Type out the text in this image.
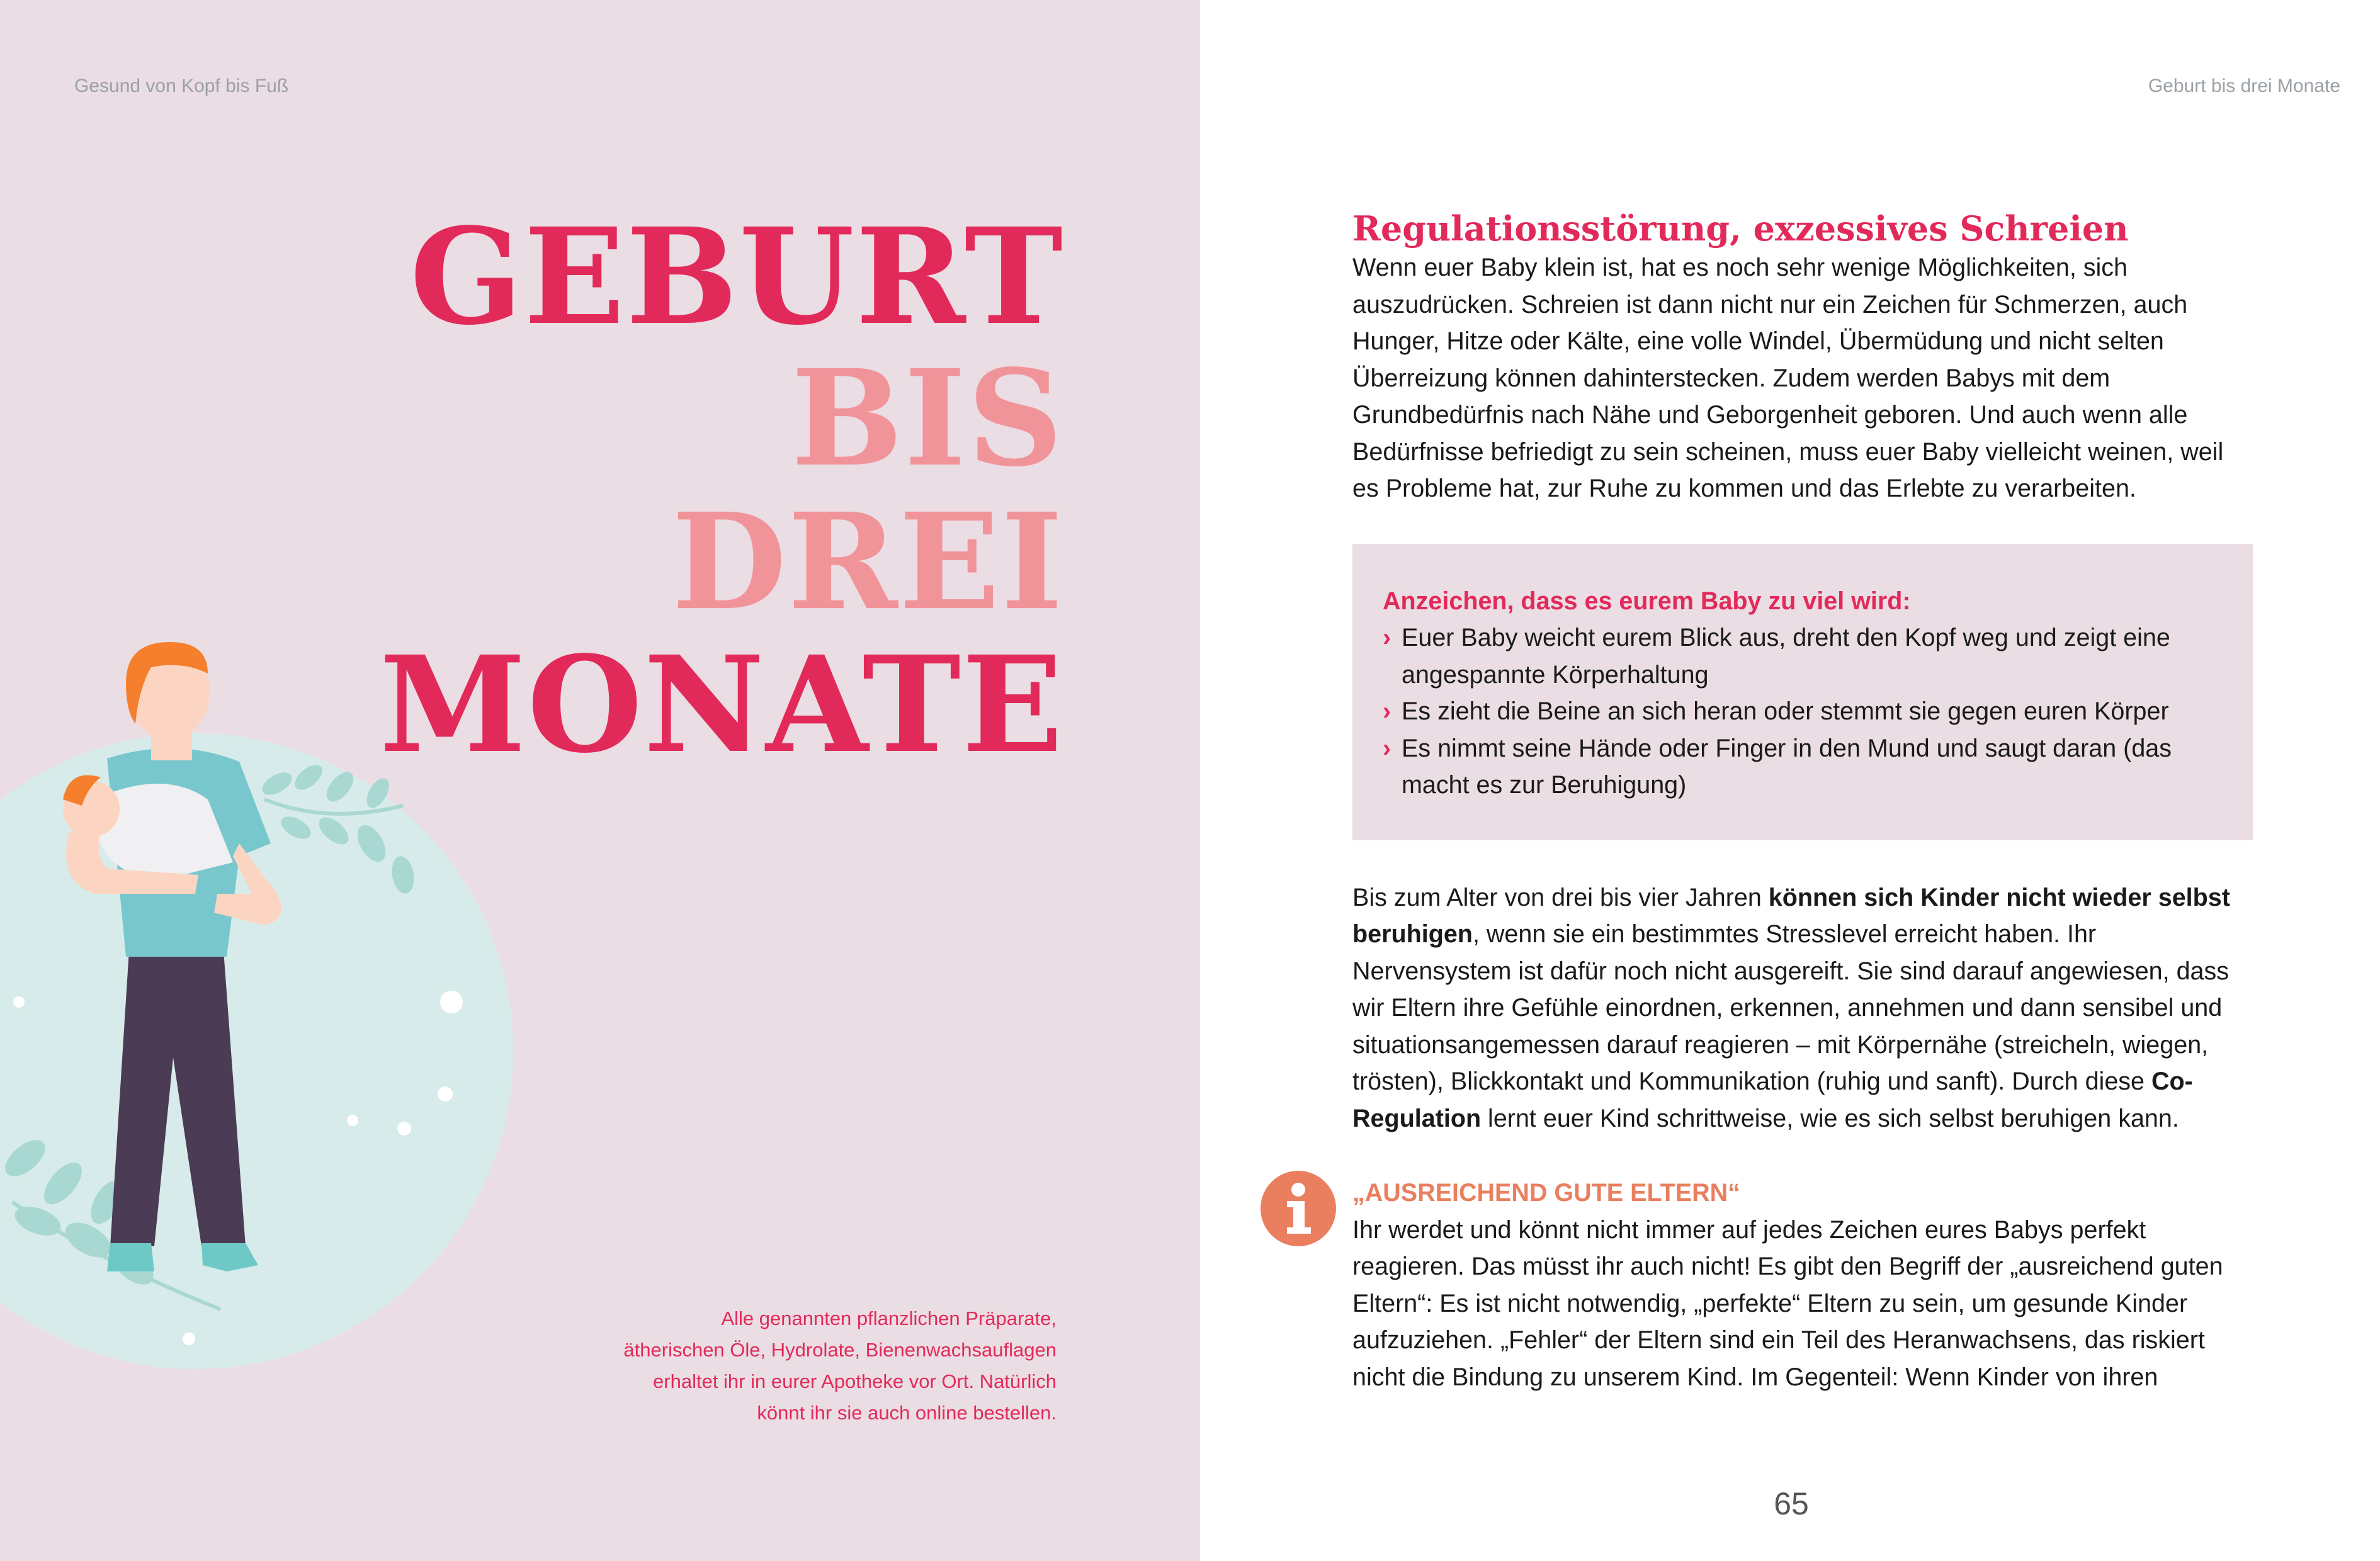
Gesund von Kopf bis Fuß
GEBURT
BIS
DREI
MONATE
Alle genannten pflanzlichen Präparate, ätherischen Öle, Hydrolate, Bienenwachsauflagen erhaltet ihr in eurer Apotheke vor Ort. Natürlich könnt ihr sie auch online bestellen.
Geburt bis drei Monate
Regulationsstörung, exzessives Schreien

Wenn euer Baby klein ist, hat es noch sehr wenige Möglichkeiten, sich auszudrücken. Schreien ist dann nicht nur ein Zeichen für Schmerzen, auch Hunger, Hitze oder Kälte, eine volle Windel, Übermüdung und nicht selten Überreizung können dahinterstecken. Zudem werden Babys mit dem Grundbedürfnis nach Nähe und Geborgenheit geboren. Und auch wenn alle Bedürfnisse befriedigt zu sein scheinen, muss euer Baby vielleicht weinen, weil es Probleme hat, zur Ruhe zu kommen und das Erlebte zu verarbeiten.

Anzeichen, dass es eurem Baby zu viel wird:
› Euer Baby weicht eurem Blick aus, dreht den Kopf weg und zeigt eine angespannte Körperhaltung
› Es zieht die Beine an sich heran oder stemmt sie gegen euren Körper
› Es nimmt seine Hände oder Finger in den Mund und saugt daran (das macht es zur Beruhigung)

Bis zum Alter von drei bis vier Jahren können sich Kinder nicht wieder selbst beruhigen, wenn sie ein bestimmtes Stresslevel erreicht haben. Ihr Nervensystem ist dafür noch nicht ausgereift. Sie sind darauf angewiesen, dass wir Eltern ihre Gefühle einordnen, erkennen, annehmen und dann sensibel und situationsangemessen darauf reagieren – mit Körpernähe (streicheln, wiegen, trösten), Blickkontakt und Kommunikation (ruhig und sanft). Durch diese Co-Regulation lernt euer Kind schrittweise, wie es sich selbst beruhigen kann.

„AUSREICHEND GUTE ELTERN“

Ihr werdet und könnt nicht immer auf jedes Zeichen eures Babys perfekt reagieren. Das müsst ihr auch nicht! Es gibt den Begriff der „ausreichend guten Eltern“: Es ist nicht notwendig, „perfekte“ Eltern zu sein, um gesunde Kinder aufzuziehen. „Fehler“ der Eltern sind ein Teil des Heranwachsens, das riskiert nicht die Bindung zu unserem Kind. Im Gegenteil: Wenn Kinder von ihren

65
